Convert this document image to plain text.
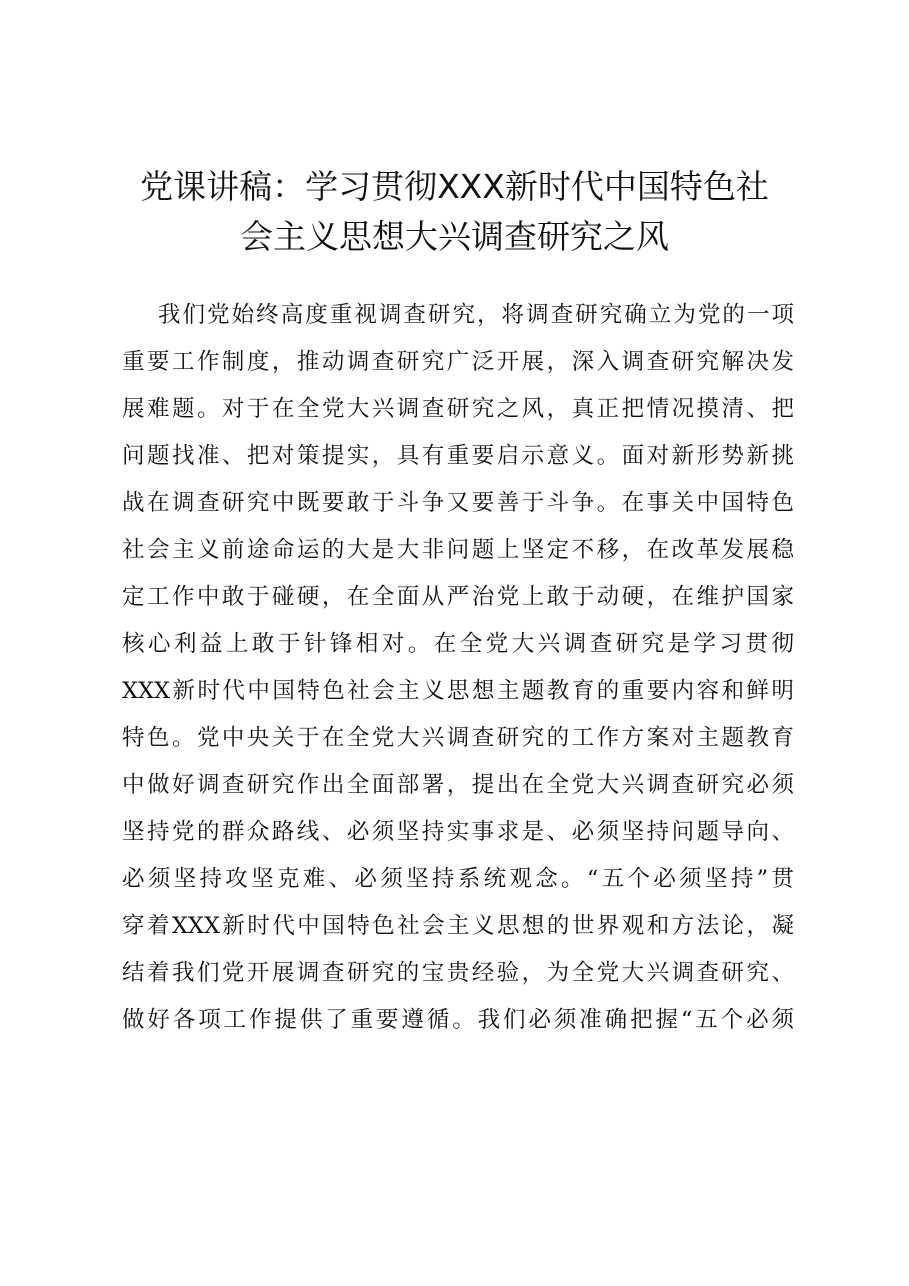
党课讲稿：学习贯彻XXX新时代中国特色社
会主义思想大兴调查研究之风
我们党始终高度重视调查研究，将调查研究确立为党的一项
重要工作制度，推动调查研究广泛开展，深入调查研究解决发
展难题。对于在全党大兴调查研究之风，真正把情况摸清、把
问题找准、把对策提实，具有重要启示意义。面对新形势新挑
战在调查研究中既要敢于斗争又要善于斗争。在事关中国特色
社会主义前途命运的大是大非问题上坚定不移，在改革发展稳
定工作中敢于碰硬，在全面从严治党上敢于动硬，在维护国家
核心利益上敢于针锋相对。在全党大兴调查研究是学习贯彻
XXX新时代中国特色社会主义思想主题教育的重要内容和鲜明
特色。党中央关于在全党大兴调查研究的工作方案对主题教育
中做好调查研究作出全面部署，提出在全党大兴调查研究必须
坚持党的群众路线、必须坚持实事求是、必须坚持问题导向、
必须坚持攻坚克难、必须坚持系统观念。“五个必须坚持”贯
穿着XXX新时代中国特色社会主义思想的世界观和方法论，凝
结着我们党开展调查研究的宝贵经验，为全党大兴调查研究、
做好各项工作提供了重要遵循。我们必须准确把握“五个必须
